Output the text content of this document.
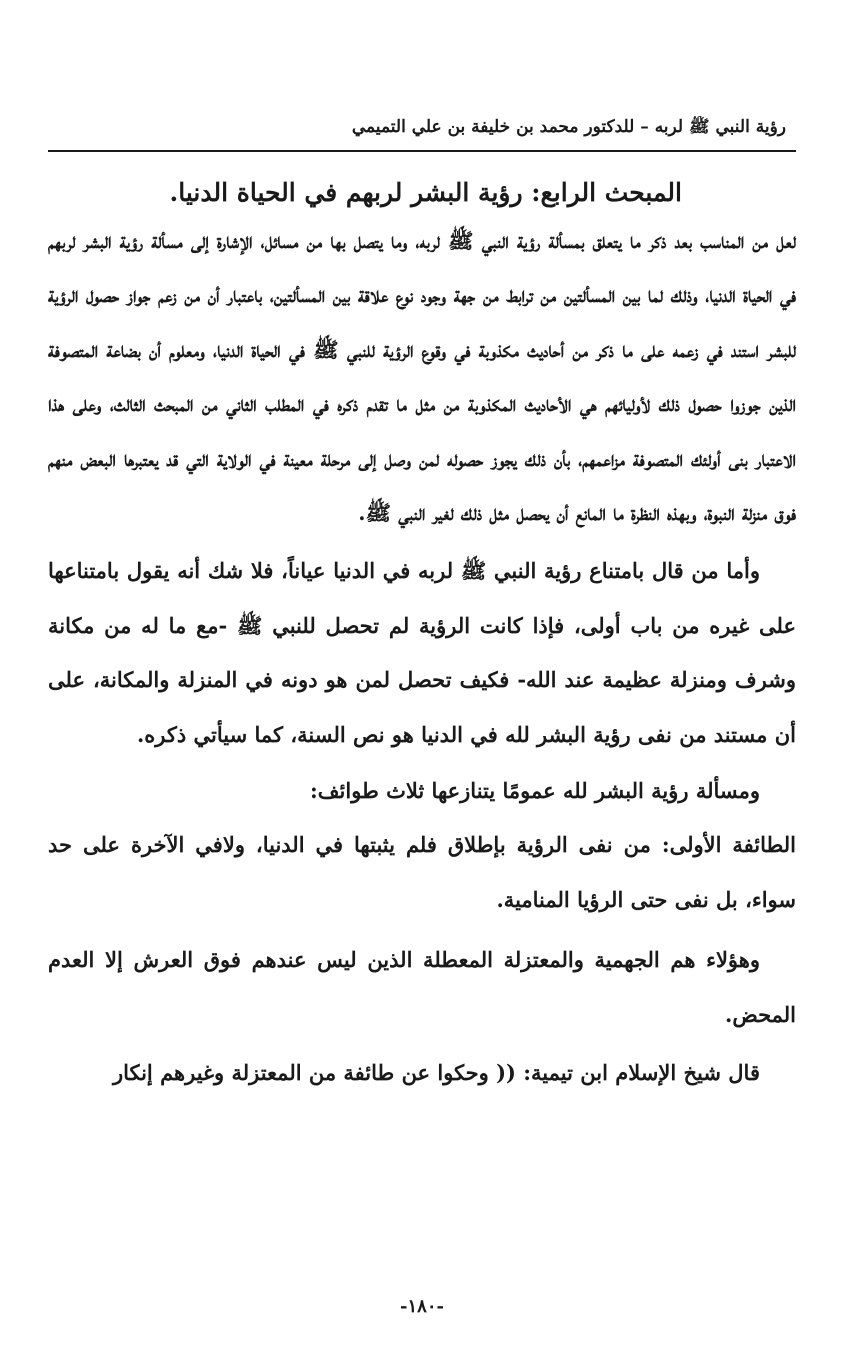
رؤية النبي ﷺ لربه – للدكتور محمد بن خليفة بن علي التميمي
المبحث الرابع: رؤية البشر لربهم في الحياة الدنيا.

لعل من المناسب بعد ذكر ما يتعلق بمسألة رؤية النبي ﷺ لربه، وما يتصل بها من مسائل، الإشارة إلى مسألة رؤية البشر لربهم في الحياة الدنيا، وذلك لما بين المسألتين من ترابط من جهة وجود نوع علاقة بين المسألتين، باعتبار أن من زعم جواز حصول الرؤية للبشر استند في زعمه على ما ذكر من أحاديث مكذوبة في وقوع الرؤية للنبي ﷺ في الحياة الدنيا، ومعلوم أن بضاعة المتصوفة الذين جوزوا حصول ذلك لأوليائهم هي الأحاديث المكذوبة من مثل ما تقدم ذكره في المطلب الثاني من المبحث الثالث، وعلى هذا الاعتبار بنى أولئك المتصوفة مزاعمهم، بأن ذلك يجوز حصوله لمن وصل إلى مرحلة معينة في الولاية التي قد يعتبرها البعض منهم فوق منزلة النبوة، وبهذه النظرة ما المانع أن يحصل مثل ذلك لغير النبي ﷺ.

وأما من قال بامتناع رؤية النبي ﷺ لربه في الدنيا عياناً، فلا شك أنه يقول بامتناعها على غيره من باب أولى، فإذا كانت الرؤية لم تحصل للنبي ﷺ -مع ما له من مكانة وشرف ومنزلة عظيمة عند الله- فكيف تحصل لمن هو دونه في المنزلة والمكانة، على أن مستند من نفى رؤية البشر لله في الدنيا هو نص السنة، كما سيأتي ذكره.

ومسألة رؤية البشر لله عمومًا يتنازعها ثلاث طوائف:

الطائفة الأولى: من نفى الرؤية بإطلاق فلم يثبتها في الدنيا، ولافي الآخرة على حد سواء، بل نفى حتى الرؤيا المنامية.

وهؤلاء هم الجهمية والمعتزلة المعطلة الذين ليس عندهم فوق العرش إلا العدم المحض.

قال شيخ الإسلام ابن تيمية: (( وحكوا عن طائفة من المعتزلة وغيرهم إنكار

-١٨٠-
